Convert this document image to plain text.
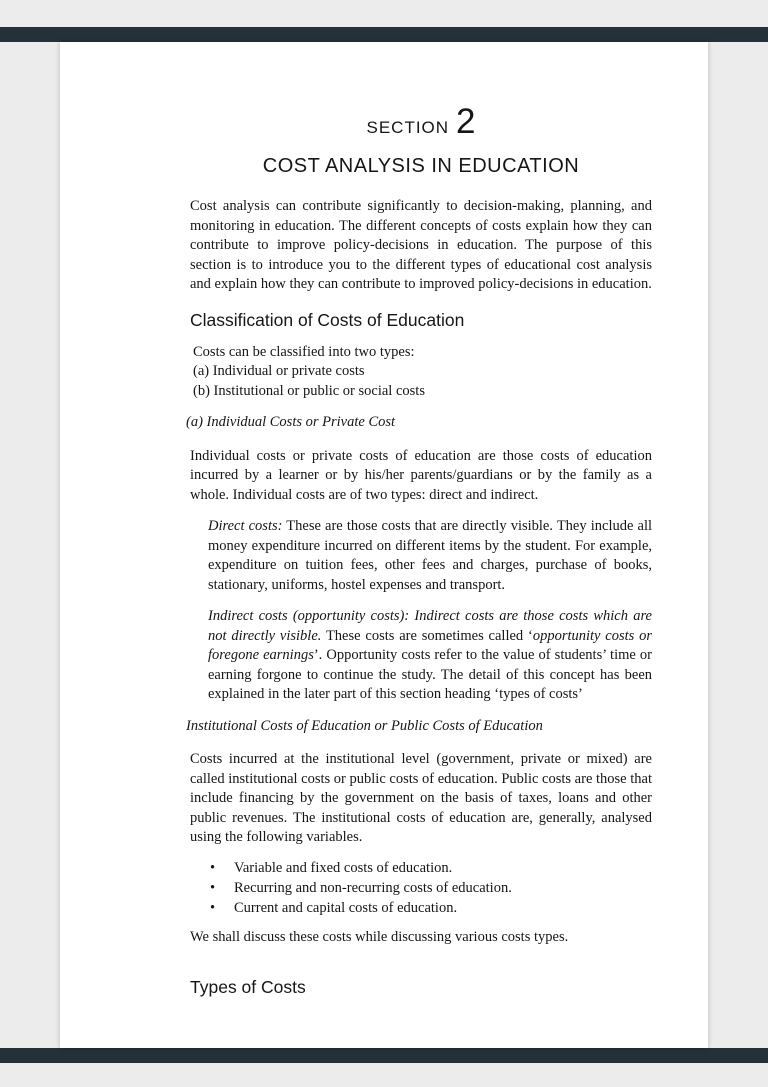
SECTION 2
COST ANALYSIS IN EDUCATION

Cost analysis can contribute significantly to decision-making, planning, and monitoring in education. The different concepts of costs explain how they can contribute to improve policy-decisions in education. The purpose of this section is to introduce you to the different types of educational cost analysis and explain how they can contribute to improved policy-decisions in education.

Classification of Costs of Education

Costs can be classified into two types:

(a) Individual or private costs

(b) Institutional or public or social costs

(a) Individual Costs or Private Cost

Individual costs or private costs of education are those costs of education incurred by a learner or by his/her parents/guardians or by the family as a whole. Individual costs are of two types: direct and indirect.

Direct costs: These are those costs that are directly visible. They include all money expenditure incurred on different items by the student. For example, expenditure on tuition fees, other fees and charges, purchase of books, stationary, uniforms, hostel expenses and transport.

Indirect costs (opportunity costs): Indirect costs are those costs which are not directly visible. These costs are sometimes called ‘opportunity costs or foregone earnings’. Opportunity costs refer to the value of students’ time or earning forgone to continue the study. The detail of this concept has been explained in the later part of this section heading ‘types of costs’

Institutional Costs of Education or Public Costs of Education

Costs incurred at the institutional level (government, private or mixed) are called institutional costs or public costs of education. Public costs are those that include financing by the government on the basis of taxes, loans and other public revenues. The institutional costs of education are, generally, analysed using the following variables.

•	Variable and fixed costs of education.
•	Recurring and non-recurring costs of education.
•	Current and capital costs of education.

We shall discuss these costs while discussing various costs types.

Types of Costs
